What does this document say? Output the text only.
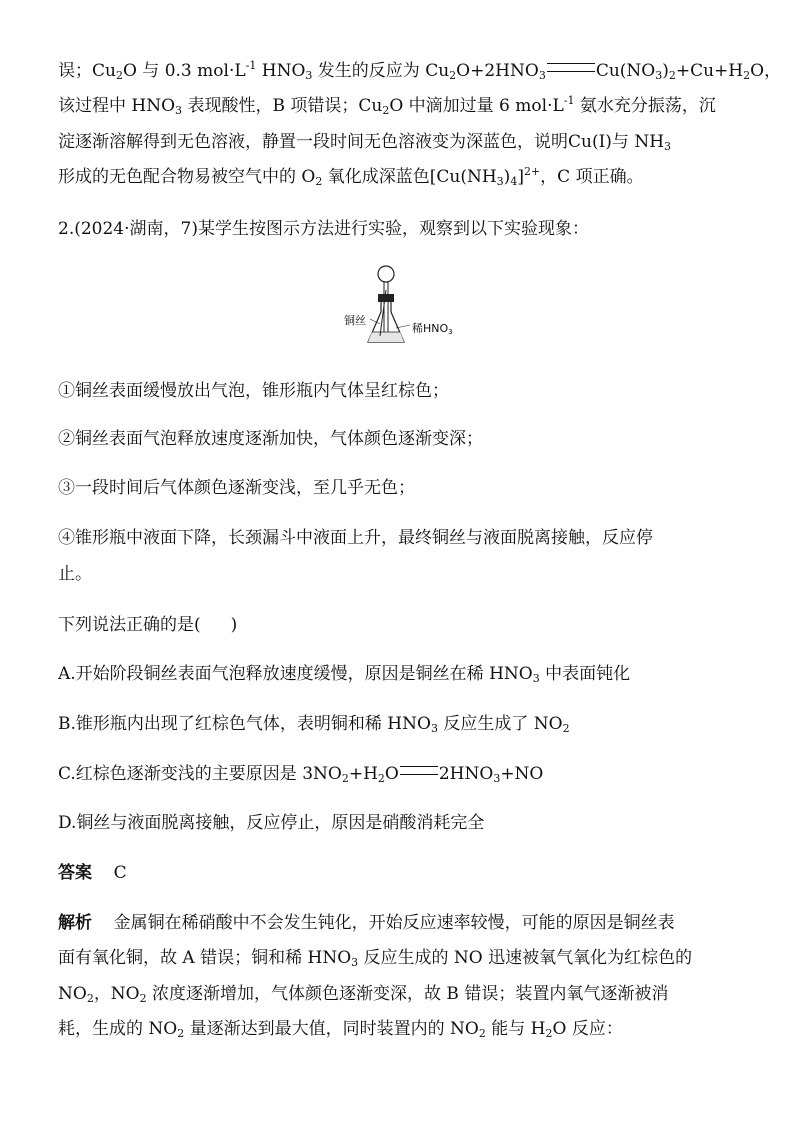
误；$Cu_2O$ 与 0.3 $mol\cdot L^{-1}$ $HNO_3$ 发生的反应为 $Cu_2O+2HNO_3$	$Cu(NO_3)_2+Cu+H_2O$，
该过程中 $HNO_3$ 表现酸性，B 项错误；$Cu_2O$ 中滴加过量 6 $mol\cdot L^{-1}$ 氨水充分振荡，沉
淀逐渐溶解得到无色溶液，静置一段时间无色溶液变为深蓝色，说明Cu(Ⅰ)与 $NH_3$
形成的无色配合物易被空气中的 $O_2$ 氧化成深蓝色$[Cu(NH_3)_4]^{2+}$，C 项正确。
2.(2024·湖南，7)某学生按图示方法进行实验，观察到以下实验现象：
铜丝
稀$HNO_3$
①铜丝表面缓慢放出气泡，锥形瓶内气体呈红棕色；
②铜丝表面气泡释放速度逐渐加快，气体颜色逐渐变深；
③一段时间后气体颜色逐渐变浅，至几乎无色；
④锥形瓶中液面下降，长颈漏斗中液面上升，最终铜丝与液面脱离接触，反应停
止。
下列说法正确的是( )
A.开始阶段铜丝表面气泡释放速度缓慢，原因是铜丝在稀 $HNO_3$ 中表面钝化
B.锥形瓶内出现了红棕色气体，表明铜和稀 $HNO_3$ 反应生成了 $NO_2$
C.红棕色逐渐变浅的主要原因是 $3NO_2+H_2O$ $2HNO_3+NO$
D.铜丝与液面脱离接触，反应停止，原因是硝酸消耗完全
答案 C
解析 金属铜在稀硝酸中不会发生钝化，开始反应速率较慢，可能的原因是铜丝表
面有氧化铜，故 A 错误；铜和稀 $HNO_3$ 反应生成的 NO 迅速被氧气氧化为红棕色的
$NO_2$，$NO_2$ 浓度逐渐增加，气体颜色逐渐变深，故 B 错误；装置内氧气逐渐被消
耗，生成的 $NO_2$ 量逐渐达到最大值，同时装置内的 $NO_2$ 能与 $H_2O$ 反应：
